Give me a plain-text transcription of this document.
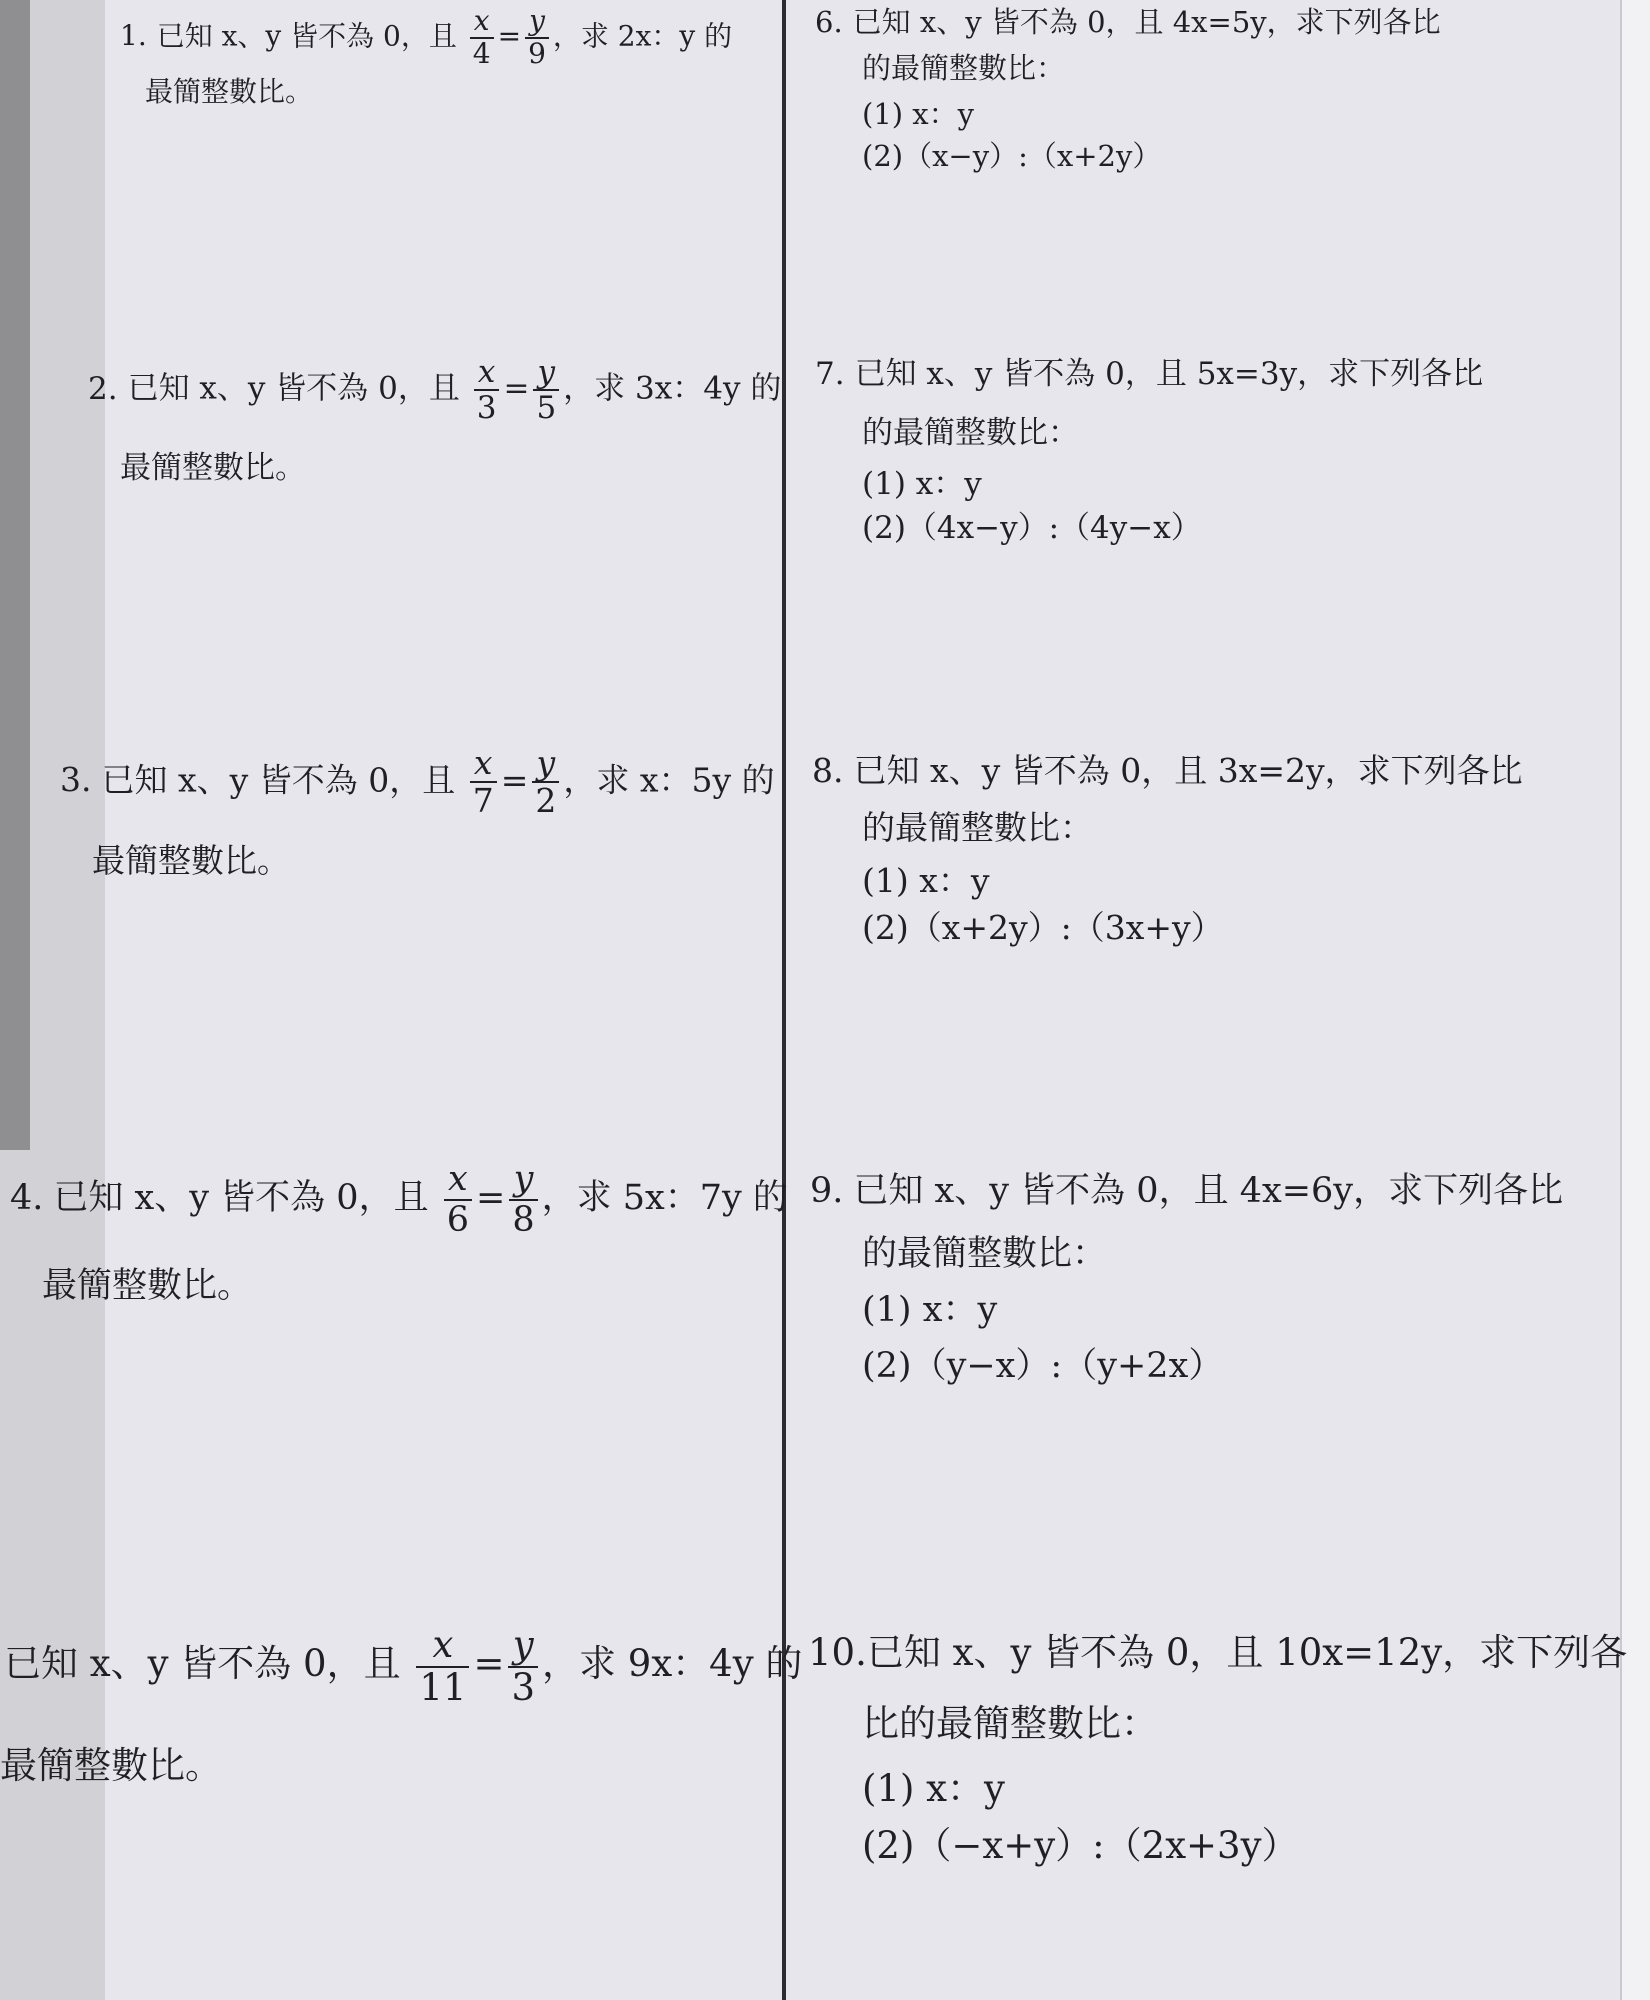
1. 已知 x、y 皆不為 0，且 $\frac{x}{4} = \frac{y}{9}$ ，求 2x：y 的
最簡整數比。
2. 已知 x、y 皆不為 0，且 $\frac{x}{3} = \frac{y}{5}$ ，求 3x：4y 的
最簡整數比。
3. 已知 x、y 皆不為 0，且 $\frac{x}{7} = \frac{y}{2}$ ，求 x：5y 的
最簡整數比。
4. 已知 x、y 皆不為 0，且 $\frac{x}{6} = \frac{y}{8}$ ，求 5x：7y 的
最簡整數比。
已知 x、y 皆不為 0，且 $\frac{x}{11} = \frac{y}{3}$ ，求 9x：4y 的
最簡整數比。
6. 已知 x、y 皆不為 0，且 4x=5y，求下列各比
的最簡整數比：
(1) x：y
(2)（x−y）:（x+2y）
7. 已知 x、y 皆不為 0，且 5x=3y，求下列各比
的最簡整數比：
(1) x：y
(2)（4x−y）:（4y−x）
8. 已知 x、y 皆不為 0，且 3x=2y，求下列各比
的最簡整數比：
(1) x：y
(2)（x+2y）:（3x+y）
9. 已知 x、y 皆不為 0，且 4x=6y，求下列各比
的最簡整數比：
(1) x：y
(2)（y−x）:（y+2x）
10.已知 x、y 皆不為 0，且 10x=12y，求下列各
比的最簡整數比：
(1) x：y
(2)（−x+y）:（2x+3y）
